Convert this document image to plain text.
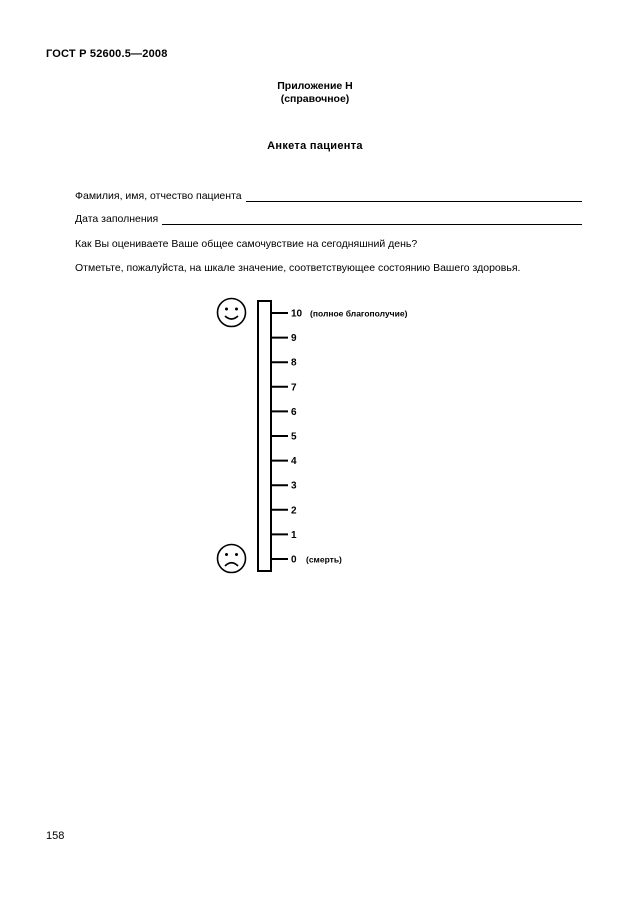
ГОСТ Р 52600.5—2008
Приложение Н
(справочное)
Анкета пациента
Фамилия, имя, отчество пациента
Дата заполнения
Как Вы оцениваете Ваше общее самочувствие на сегодняшний день?
Отметьте, пожалуйста, на шкале значение, соответствующее состоянию Вашего здоровья.
10 (полное благополучие)
9
8
7
6
5
4
3
2
1
0 (смерть)
158
